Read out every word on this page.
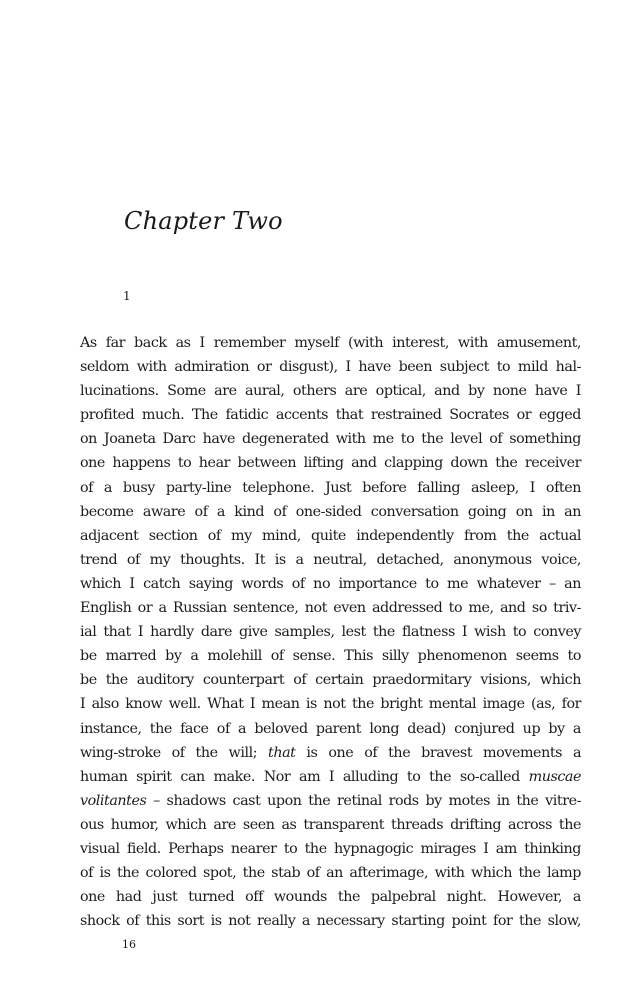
Chapter Two
1
As far back as I remember myself (with interest, with amusement,
seldom with admiration or disgust), I have been subject to mild hal-
lucinations. Some are aural, others are optical, and by none have I
profited much. The fatidic accents that restrained Socrates or egged
on Joaneta Darc have degenerated with me to the level of something
one happens to hear between lifting and clapping down the receiver
of a busy party-line telephone. Just before falling asleep, I often
become aware of a kind of one-sided conversation going on in an
adjacent section of my mind, quite independently from the actual
trend of my thoughts. It is a neutral, detached, anonymous voice,
which I catch saying words of no importance to me whatever – an
English or a Russian sentence, not even addressed to me, and so triv-
ial that I hardly dare give samples, lest the flatness I wish to convey
be marred by a molehill of sense. This silly phenomenon seems to
be the auditory counterpart of certain praedormitary visions, which
I also know well. What I mean is not the bright mental image (as, for
instance, the face of a beloved parent long dead) conjured up by a
wing-stroke of the will; that is one of the bravest movements a
human spirit can make. Nor am I alluding to the so-called muscae
volitantes – shadows cast upon the retinal rods by motes in the vitre-
ous humor, which are seen as transparent threads drifting across the
visual field. Perhaps nearer to the hypnagogic mirages I am thinking
of is the colored spot, the stab of an afterimage, with which the lamp
one had just turned off wounds the palpebral night. However, a
shock of this sort is not really a necessary starting point for the slow,
16
